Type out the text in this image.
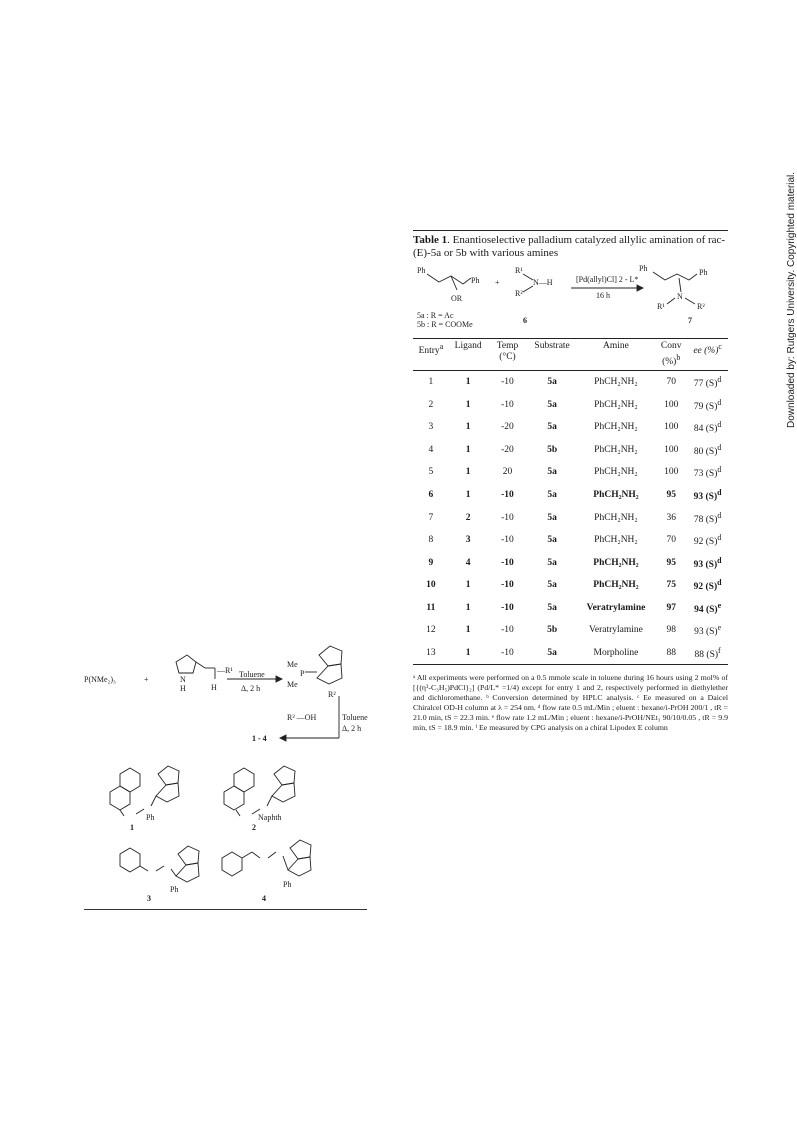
P(NMe₂)₃	+	N
H
—R¹
H
Toluene
Δ, 2 h
Me
Me
P
R²
R² —OH	Toluene
Δ, 2 h
1 - 4
Ph
1
Naphth
2
Ph
3
Ph
4

Table 1. Enantioselective palladium catalyzed allylic amination of rac-(E)-5a or 5b with various amines

Ph
Ph
OR
+
R¹
R²
N—H	[Pd(allyl)Cl] 2 - L*
16 h
Ph	Ph
N
R¹	R²
7
6
5a : R = Ac
5b : R = COOMe
Entry$^a$	Ligand	Temp (°C)	Substrate	Amine	Conv (%)$^b$	ee (%)$^c$
1	1	-10	5a	PhCH₂NH₂	70	77 $(S)^d$
2	1	-10	5a	PhCH₂NH₂	100	79 $(S)^d$
3	1	-20	5a	PhCH₂NH₂	100	84 $(S)^d$
4	1	-20	5b	PhCH₂NH₂	100	80 $(S)^d$
5	1	20	5a	PhCH₂NH₂	100	73 $(S)^d$
6	1	-10	5a	PhCH₂NH₂	95	93 $(S)^d$
7	2	-10	5a	PhCH₂NH₂	36	78 $(S)^d$
8	3	-10	5a	PhCH₂NH₂	70	92 $(S)^d$
9	4	-10	5a	PhCH₂NH₂	95	93 $(S)^d$
10	1	-10	5a	PhCH₂NH₂	75	92 $(S)^d$
11	1	-10	5a	Veratrylamine	97	94 $(S)^e$
12	1	-10	5b	Veratrylamine	98	93 $(S)^e$
13	1	-10	5a	Morpholine	88	88 $(S)^f$
ᵃ All experiments were performed on a 0.5 mmole scale in toluene during 16 hours using 2 mol% of [{(η³-C₃H₅)PdCl}₂] (Pd/L* =1/4) except for entry 1 and 2, respectively performed in diethylether and dichloromethane. ᵇ Conversion determined by HPLC analysis. ᶜ Ee measured on a Daicel Chiralcel OD-H column at λ = 254 nm. ᵈ flow rate 0.5 mL/Min ; eluent : hexane/i-PrOH 200/1 , tR = 21.0 min, tS = 22.3 min. ᵉ flow rate 1.2 mL/Min ; eluent : hexane/i-PrOH/NEt₃ 90/10/0.05 , tR = 9.9 min, tS = 18.9 min. ᶠ Ee measured by CPG analysis on a chiral Lipodex E column
Downloaded by: Rutgers University. Copyrighted material.
